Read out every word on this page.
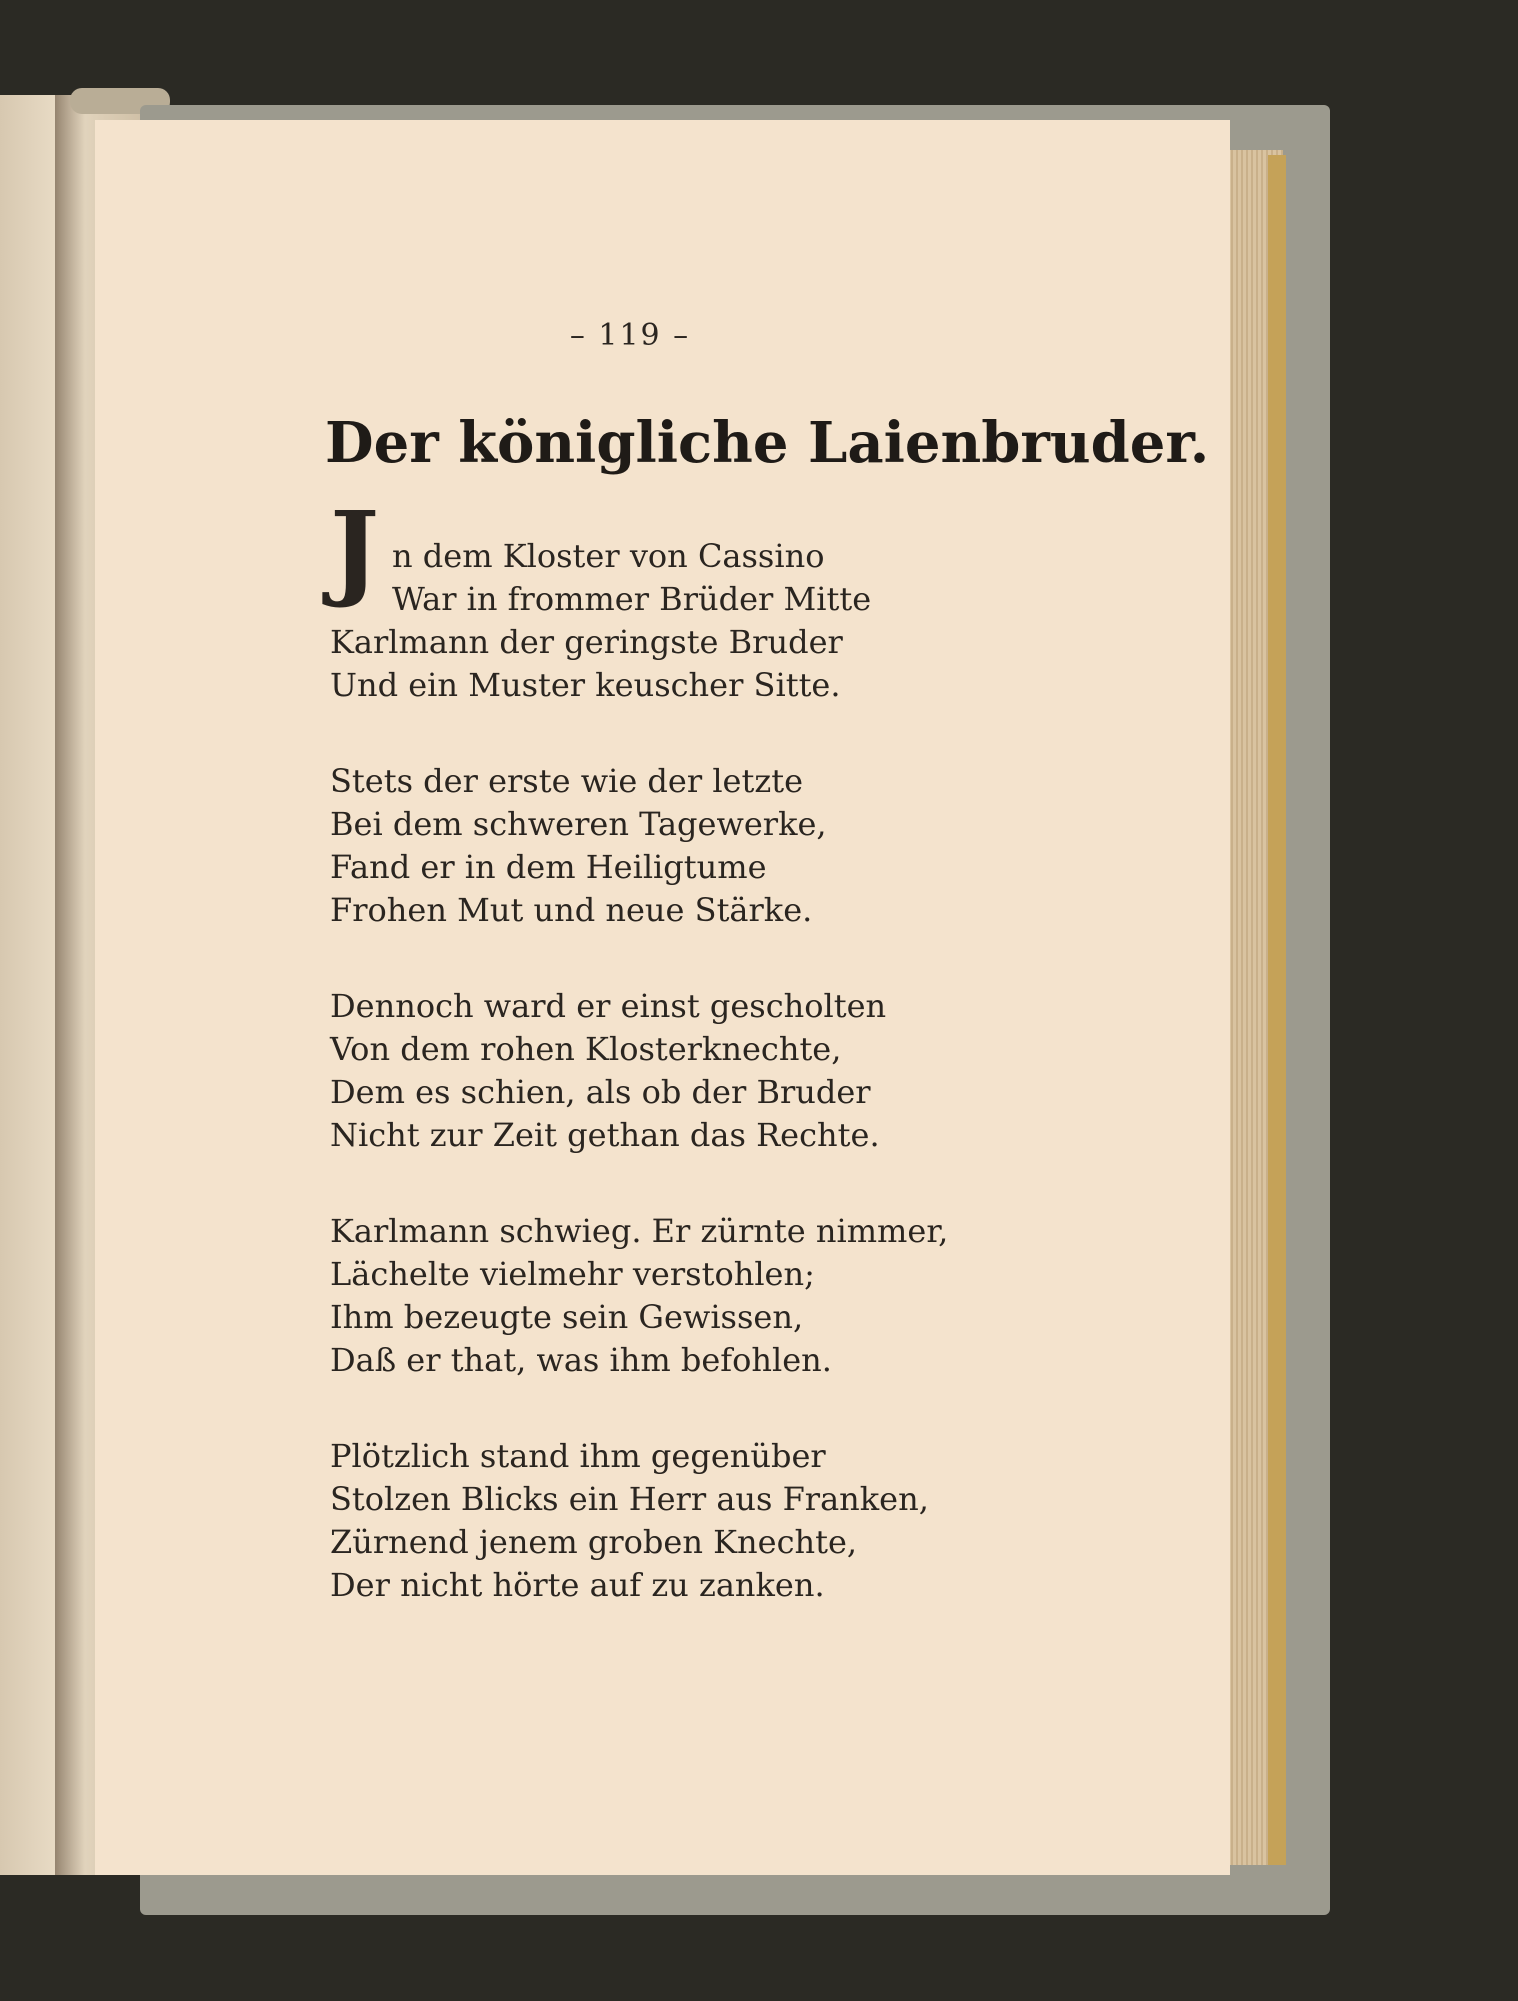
– 119 –
Der königliche Laienbruder.
J n dem Kloster von Cassino
War in frommer Brüder Mitte
Karlmann der geringste Bruder
Und ein Muster keuscher Sitte.
Stets der erste wie der letzte
Bei dem schweren Tagewerke,
Fand er in dem Heiligtume
Frohen Mut und neue Stärke.
Dennoch ward er einst gescholten
Von dem rohen Klosterknechte,
Dem es schien, als ob der Bruder
Nicht zur Zeit gethan das Rechte.
Karlmann schwieg. Er zürnte nimmer,
Lächelte vielmehr verstohlen;
Ihm bezeugte sein Gewissen,
Daß er that, was ihm befohlen.
Plötzlich stand ihm gegenüber
Stolzen Blicks ein Herr aus Franken,
Zürnend jenem groben Knechte,
Der nicht hörte auf zu zanken.
